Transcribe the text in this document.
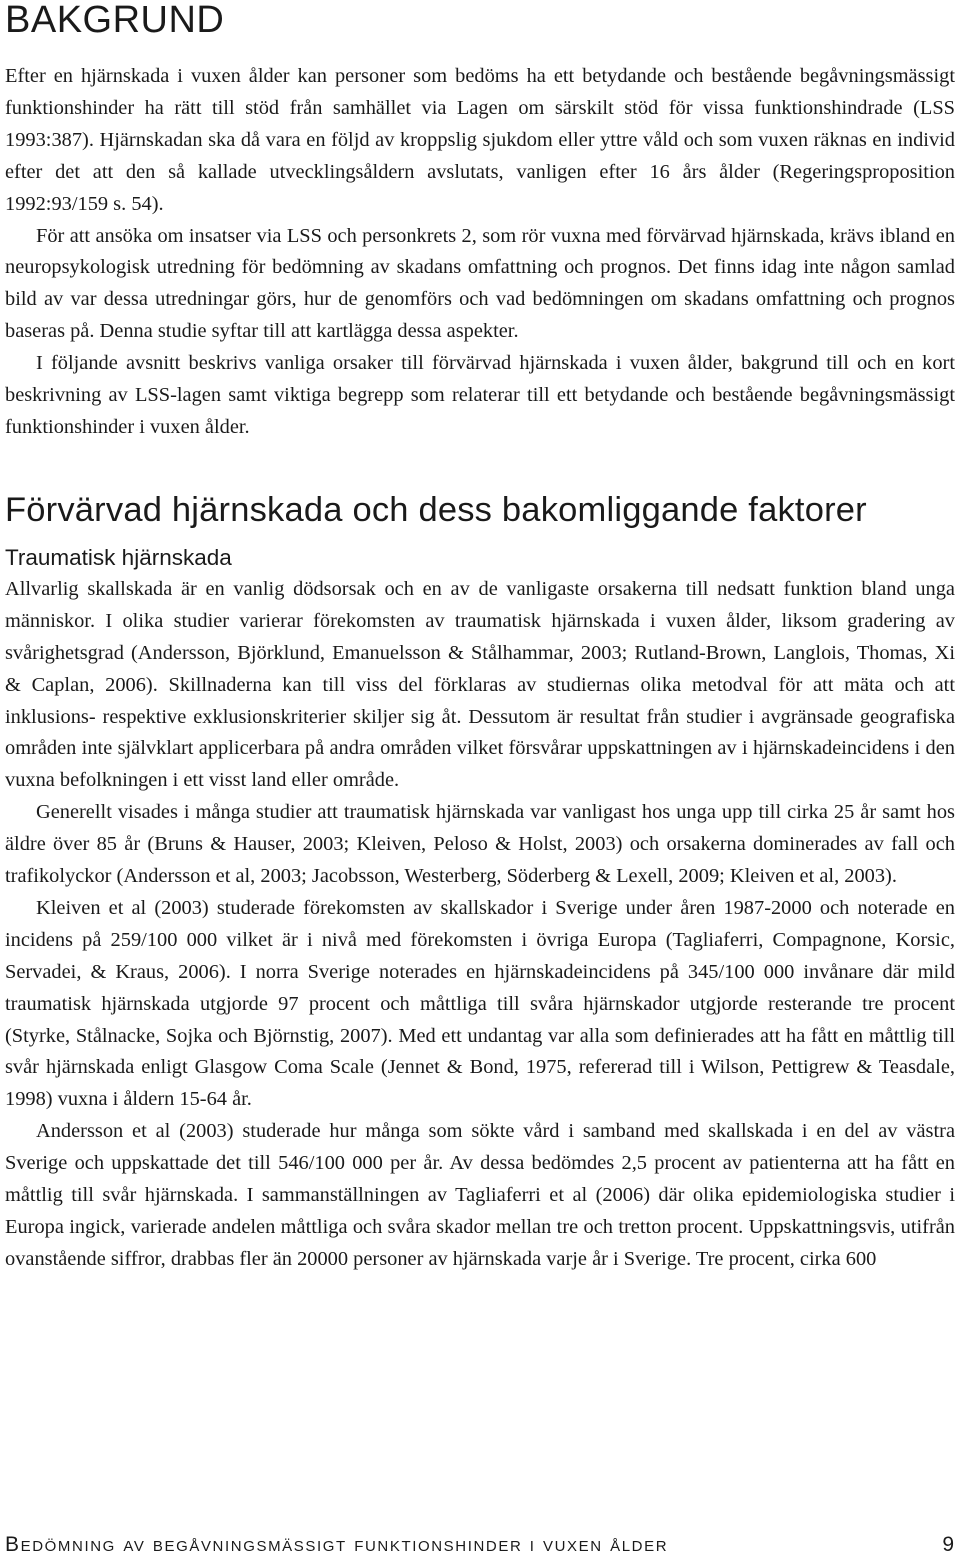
BAKGRUND

Efter en hjärnskada i vuxen ålder kan personer som bedöms ha ett betydande och bestående begåvningsmässigt funktionshinder ha rätt till stöd från samhället via Lagen om särskilt stöd för vissa funktionshindrade (LSS 1993:387). Hjärnskadan ska då vara en följd av kroppslig sjukdom eller yttre våld och som vuxen räknas en individ efter det att den så kallade utvecklingsåldern avslutats, vanligen efter 16 års ålder (Regeringsproposition 1992:93/159 s. 54).

För att ansöka om insatser via LSS och personkrets 2, som rör vuxna med förvärvad hjärnskada, krävs ibland en neuropsykologisk utredning för bedömning av skadans omfattning och prognos. Det finns idag inte någon samlad bild av var dessa utredningar görs, hur de genomförs och vad bedömningen om skadans omfattning och prognos baseras på. Denna studie syftar till att kartlägga dessa aspekter.

I följande avsnitt beskrivs vanliga orsaker till förvärvad hjärnskada i vuxen ålder, bakgrund till och en kort beskrivning av LSS-lagen samt viktiga begrepp som relaterar till ett betydande och bestående begåvningsmässigt funktionshinder i vuxen ålder.

Förvärvad hjärnskada och dess bakomliggande faktorer
Traumatisk hjärnskada

Allvarlig skallskada är en vanlig dödsorsak och en av de vanligaste orsakerna till nedsatt funktion bland unga människor. I olika studier varierar förekomsten av traumatisk hjärnskada i vuxen ålder, liksom gradering av svårighetsgrad (Andersson, Björklund, Emanuelsson & Stålhammar, 2003; Rutland-Brown, Langlois, Thomas, Xi & Caplan, 2006). Skillnaderna kan till viss del förklaras av studiernas olika metodval för att mäta och att inklusions- respektive exklusionskriterier skiljer sig åt. Dessutom är resultat från studier i avgränsade geografiska områden inte självklart applicerbara på andra områden vilket försvårar uppskattningen av i hjärnskadeincidens i den vuxna befolkningen i ett visst land eller område.

Generellt visades i många studier att traumatisk hjärnskada var vanligast hos unga upp till cirka 25 år samt hos äldre över 85 år (Bruns & Hauser, 2003; Kleiven, Peloso & Holst, 2003) och orsakerna dominerades av fall och trafikolyckor (Andersson et al, 2003; Jacobsson, Westerberg, Söderberg & Lexell, 2009; Kleiven et al, 2003).

Kleiven et al (2003) studerade förekomsten av skallskador i Sverige under åren 1987-2000 och noterade en incidens på 259/100 000 vilket är i nivå med förekomsten i övriga Europa (Tagliaferri, Compagnone, Korsic, Servadei, & Kraus, 2006). I norra Sverige noterades en hjärnskadeincidens på 345/100 000 invånare där mild traumatisk hjärnskada utgjorde 97 procent och måttliga till svåra hjärnskador utgjorde resterande tre procent (Styrke, Stålnacke, Sojka och Björnstig, 2007). Med ett undantag var alla som definierades att ha fått en måttlig till svår hjärnskada enligt Glasgow Coma Scale (Jennet & Bond, 1975, refererad till i Wilson, Pettigrew & Teasdale, 1998) vuxna i åldern 15-64 år.

Andersson et al (2003) studerade hur många som sökte vård i samband med skallskada i en del av västra Sverige och uppskattade det till 546/100 000 per år. Av dessa bedömdes 2,5 procent av patienterna att ha fått en måttlig till svår hjärnskada. I sammanställningen av Tagliaferri et al (2006) där olika epidemiologiska studier i Europa ingick, varierade andelen måttliga och svåra skador mellan tre och tretton procent. Uppskattningsvis, utifrån ovanstående siffror, drabbas fler än 20000 personer av hjärnskada varje år i Sverige. Tre procent, cirka 600

Bedömning av begåvningsmässigt funktionshinder i vuxen ålder	9
